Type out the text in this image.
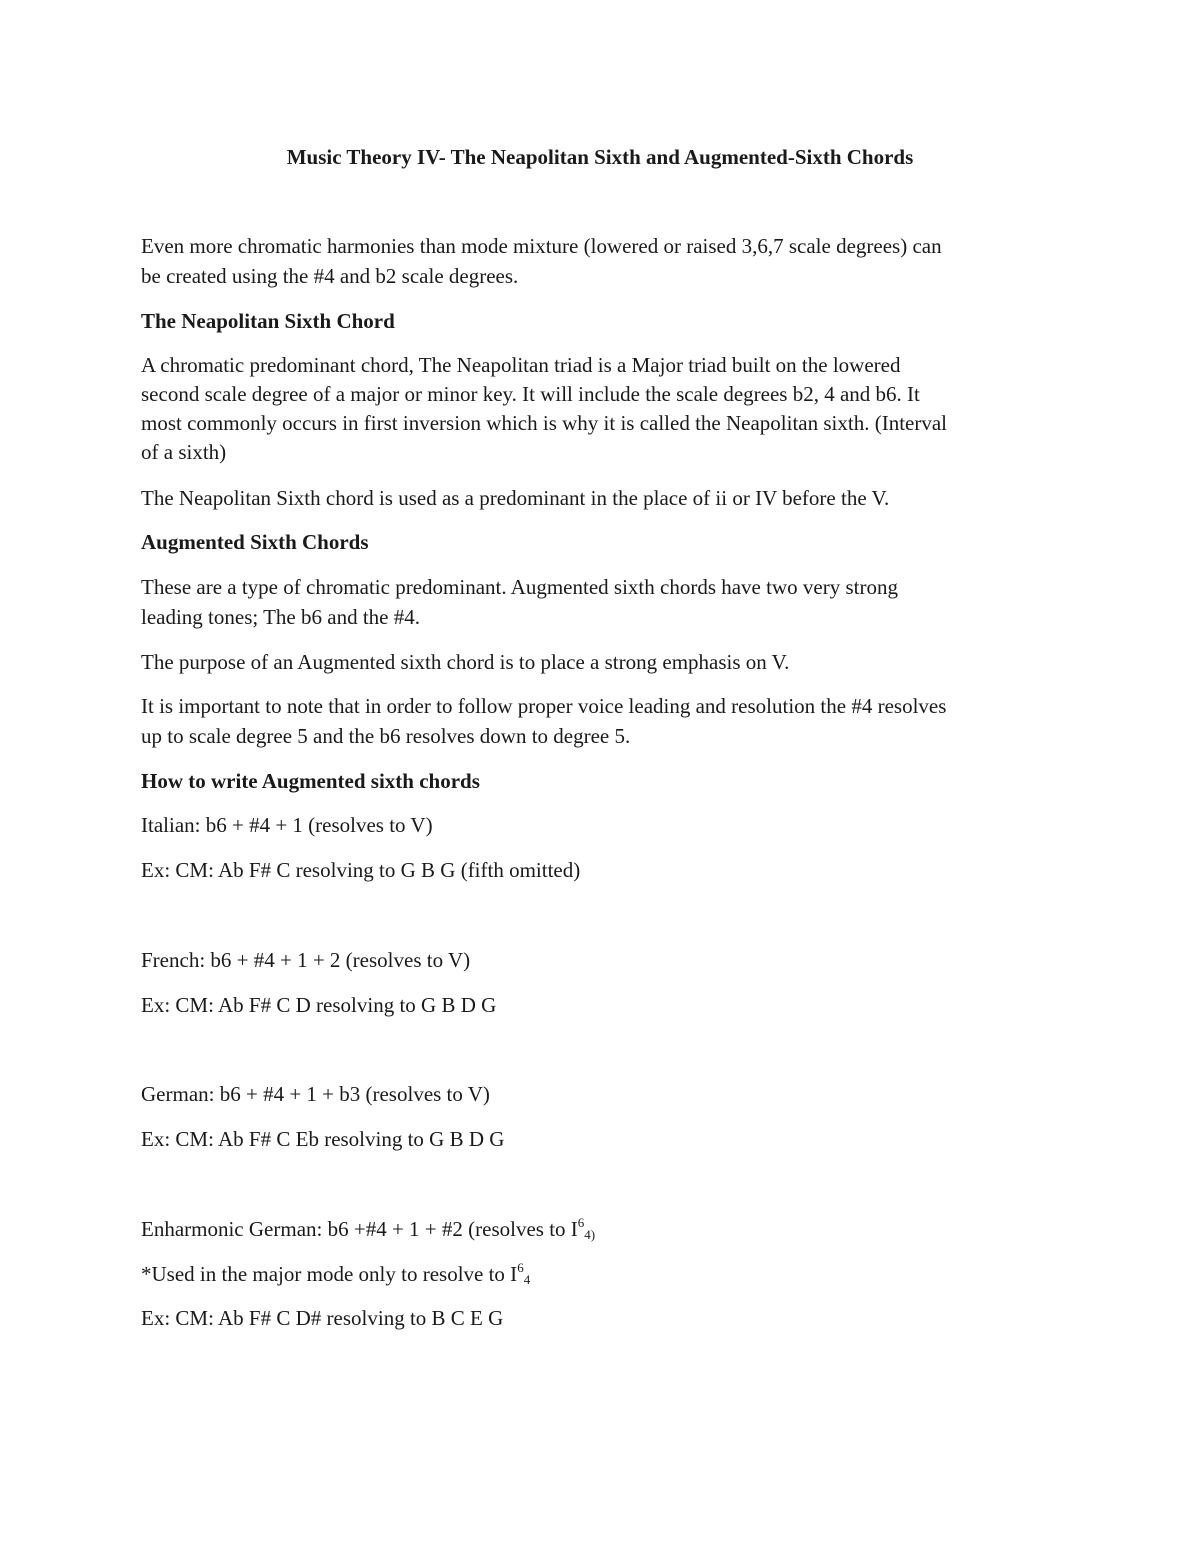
Music Theory IV- The Neapolitan Sixth and Augmented-Sixth Chords
Even more chromatic harmonies than mode mixture (lowered or raised 3,6,7 scale degrees) can
be created using the #4 and b2 scale degrees.
The Neapolitan Sixth Chord
A chromatic predominant chord, The Neapolitan triad is a Major triad built on the lowered
second scale degree of a major or minor key. It will include the scale degrees b2, 4 and b6. It
most commonly occurs in first inversion which is why it is called the Neapolitan sixth. (Interval
of a sixth)
The Neapolitan Sixth chord is used as a predominant in the place of ii or IV before the V.
Augmented Sixth Chords
These are a type of chromatic predominant. Augmented sixth chords have two very strong
leading tones; The b6 and the #4.
The purpose of an Augmented sixth chord is to place a strong emphasis on V.
It is important to note that in order to follow proper voice leading and resolution the #4 resolves
up to scale degree 5 and the b6 resolves down to degree 5.
How to write Augmented sixth chords
Italian: b6 + #4 + 1 (resolves to V)
Ex: CM: Ab F# C resolving to G B G (fifth omitted)
French: b6 + #4 + 1 + 2 (resolves to V)
Ex: CM: Ab F# C D resolving to G B D G
German: b6 + #4 + 1 + b3 (resolves to V)
Ex: CM: Ab F# C Eb resolving to G B D G
Enharmonic German: b6 +#4 + 1 + #2 (resolves to $I^6_{4)}$
*Used in the major mode only to resolve to $I^6_4$
Ex: CM: Ab F# C D# resolving to B C E G
